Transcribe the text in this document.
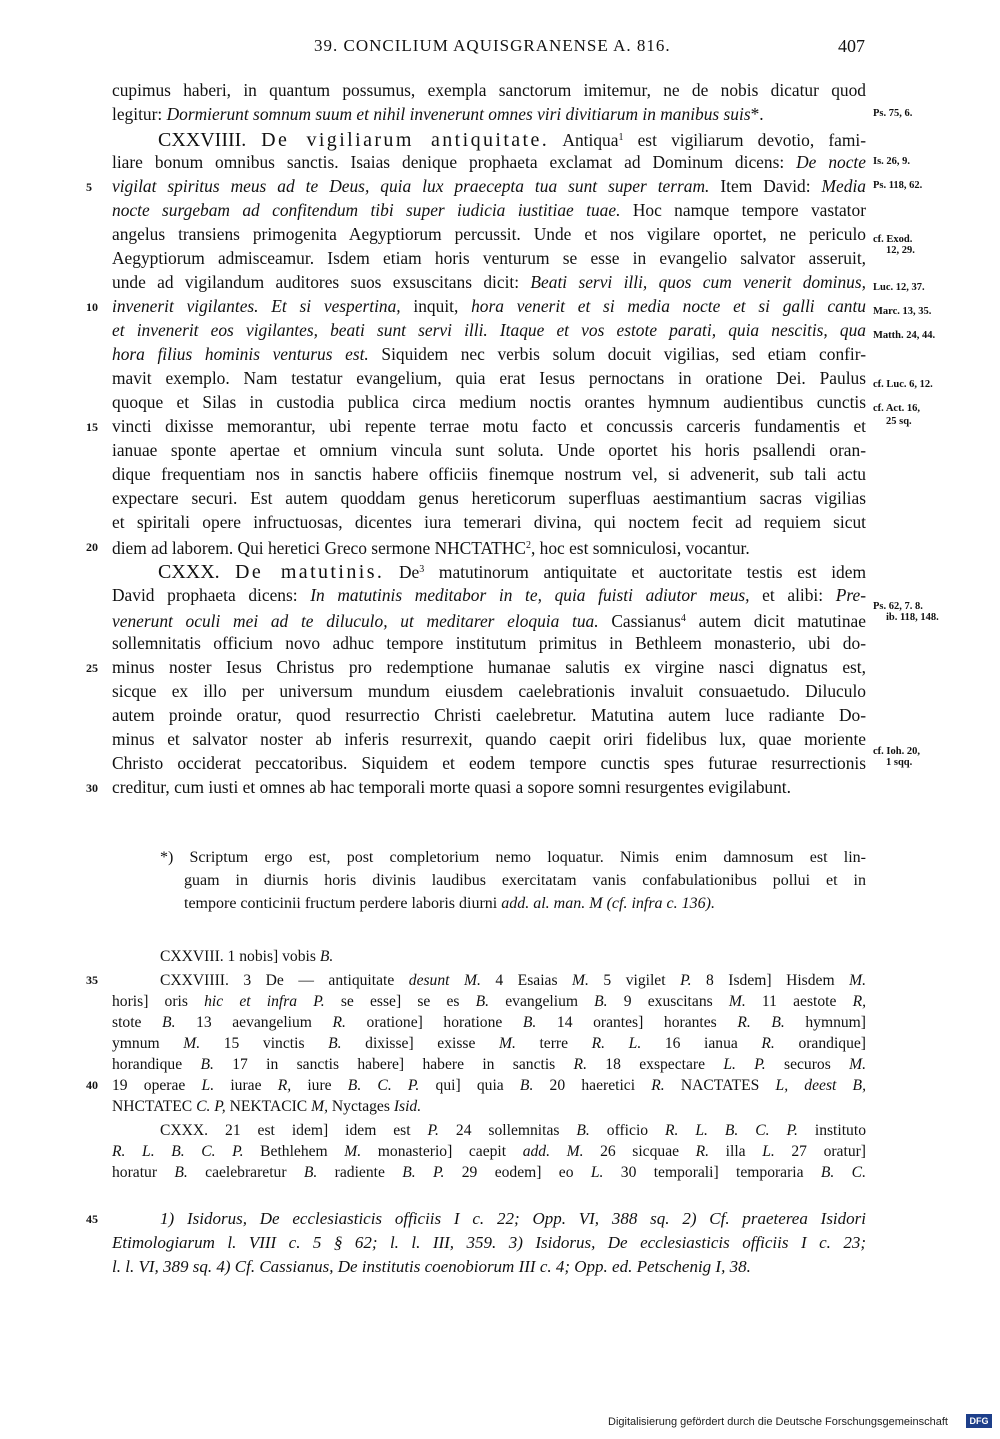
39. CONCILIUM AQUISGRANENSE A. 816.	407
cupimus haberi, in quantum possumus, exempla sanctorum imitemur, ne de nobis dicatur quod
legitur: Dormierunt somnum suum et nihil invenerunt omnes viri divitiarum in manibus suis*.
CXXVIIII. De vigiliarum antiquitate. Antiqua$^1$ est vigiliarum devotio, fami-
liare bonum omnibus sanctis. Isaias denique prophaeta exclamat ad Dominum dicens: De nocte
vigilat spiritus meus ad te Deus, quia lux praecepta tua sunt super terram. Item David: Media
nocte surgebam ad confitendum tibi super iudicia iustitiae tuae. Hoc namque tempore vastator
angelus transiens primogenita Aegyptiorum percussit. Unde et nos vigilare oportet, ne periculo
Aegyptiorum admisceamur. Isdem etiam horis venturum se esse in evangelio salvator asseruit,
unde ad vigilandum auditores suos exsuscitans dicit: Beati servi illi, quos cum venerit dominus,
invenerit vigilantes. Et si vespertina, inquit, hora venerit et si media nocte et si galli cantu
et invenerit eos vigilantes, beati sunt servi illi. Itaque et vos estote parati, quia nescitis, qua
hora filius hominis venturus est. Siquidem nec verbis solum docuit vigilias, sed etiam confir-
mavit exemplo. Nam testatur evangelium, quia erat Iesus pernoctans in oratione Dei. Paulus
quoque et Silas in custodia publica circa medium noctis orantes hymnum audientibus cunctis
vincti dixisse memorantur, ubi repente terrae motu facto et concussis carceris fundamentis et
ianuae sponte apertae et omnium vincula sunt soluta. Unde oportet his horis psallendi oran-
dique frequentiam nos in sanctis habere officiis finemque nostrum vel, si advenerit, sub tali actu
expectare securi. Est autem quoddam genus hereticorum superfluas aestimantium sacras vigilias
et spiritali opere infructuosas, dicentes iura temerari divina, qui noctem fecit ad requiem sicut
diem ad laborem. Qui heretici Greco sermone NHCTATHC$^2$, hoc est somniculosi, vocantur.
CXXX. De matutinis. De$^3$ matutinorum antiquitate et auctoritate testis est idem
David prophaeta dicens: In matutinis meditabor in te, quia fuisti adiutor meus, et alibi: Pre-
venerunt oculi mei ad te diluculo, ut meditarer eloquia tua. Cassianus$^4$ autem dicit matutinae
sollemnitatis officium novo adhuc tempore institutum primitus in Bethleem monasterio, ubi do-
minus noster Iesus Christus pro redemptione humanae salutis ex virgine nasci dignatus est,
sicque ex illo per universum mundum eiusdem caelebrationis invaluit consuaetudo. Diluculo
autem proinde oratur, quod resurrectio Christi caelebretur. Matutina autem luce radiante Do-
minus et salvator noster ab inferis resurrexit, quando caepit oriri fidelibus lux, quae moriente
Christo occiderat peccatoribus. Siquidem et eodem tempore cunctis spes futurae resurrectionis
creditur, cum iusti et omnes ab hac temporali morte quasi a sopore somni resurgentes evigilabunt.
5
10
15
20
25
30
Ps. 75, 6.
Is. 26, 9.
Ps. 118, 62.
cf. Exod.
12, 29.
Luc. 12, 37.
Marc. 13, 35.
Matth. 24, 44.
cf. Luc. 6, 12.
cf. Act. 16,
25 sq.
Ps. 62, 7. 8.
ib. 118, 148.
cf. Ioh. 20,
1 sqq.
*) Scriptum ergo est, post completorium nemo loquatur. Nimis enim damnosum est lin-
guam in diurnis horis divinis laudibus exercitatam vanis confabulationibus pollui et in
tempore conticinii fructum perdere laboris diurni add. al. man. M (cf. infra c. 136).
CXXVIII. 1 nobis] vobis B.
CXXVIIII. 3 De — antiquitate desunt M. 4 Esaias M. 5 vigilet P. 8 Isdem] Hisdem M.
horis] oris hic et infra P. se esse] se es B. evangelium B. 9 exuscitans M. 11 aestote R,
stote B. 13 aevangelium R. oratione] horatione B. 14 orantes] horantes R. B. hymnum]
ymnum M. 15 vinctis B. dixisse] exisse M. terre R. L. 16 ianua R. orandique]
horandique B. 17 in sanctis habere] habere in sanctis R. 18 exspectare L. P. securos M.
19 operae L. iurae R, iure B. C. P. qui] quia B. 20 haeretici R. NACTATES L, deest B,
NHCTATEC C. P, NEKTACIC M, Nyctages Isid.
CXXX. 21 est idem] idem est P. 24 sollemnitas B. officio R. L. B. C. P. instituto
R. L. B. C. P. Bethlehem M. monasterio] caepit add. M. 26 sicquae R. illa L. 27 oratur]
horatur B. caelebraretur B. radiente B. P. 29 eodem] eo L. 30 temporali] temporaria B. C.
35
40
1) Isidorus, De ecclesiasticis officiis I c. 22; Opp. VI, 388 sq. 2) Cf. praeterea Isidori
Etimologiarum l. VIII c. 5 § 62; l. l. III, 359. 3) Isidorus, De ecclesiasticis officiis I c. 23;
l. l. VI, 389 sq. 4) Cf. Cassianus, De institutis coenobiorum III c. 4; Opp. ed. Petschenig I, 38.
45
Digitalisierung gefördert durch die Deutsche Forschungsgemeinschaft	DFG
